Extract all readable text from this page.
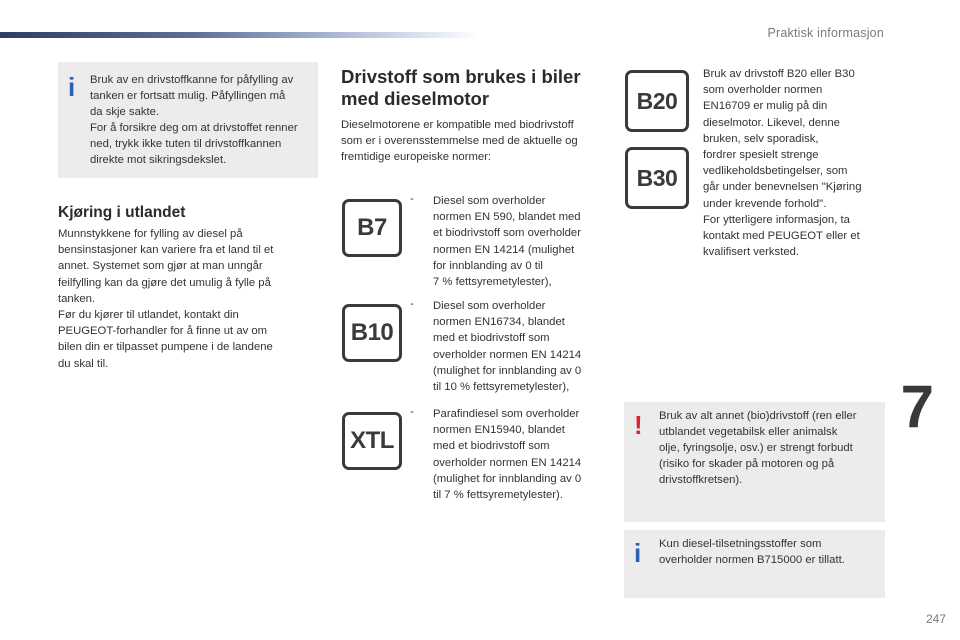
Praktisk informasjon
i Bruk av en drivstoffkanne for påfylling av
tanken er fortsatt mulig. Påfyllingen må
da skje sakte.
For å forsikre deg om at drivstoffet renner
ned, trykk ikke tuten til drivstoffkannen
direkte mot sikringsdekslet.
Kjøring i utlandet
Munnstykkene for fylling av diesel på
bensinstasjoner kan variere fra et land til et
annet. Systemet som gjør at man unngår
feilfylling kan da gjøre det umulig å fylle på
tanken.
Før du kjører til utlandet, kontakt din
PEUGEOT-forhandler for å finne ut av om
bilen din er tilpasset pumpene i de landene
du skal til.
Drivstoff som brukes i biler
med dieselmotor
Dieselmotorene er kompatible med biodrivstoff
som er i overensstemmelse med de aktuelle og
fremtidige europeiske normer:
B7
- Diesel som overholder
normen EN 590, blandet med
et biodrivstoff som overholder
normen EN 14214 (mulighet
for innblanding av 0 til
7 % fettsyremetylester),
B10
- Diesel som overholder
normen EN16734, blandet
med et biodrivstoff som
overholder normen EN 14214
(mulighet for innblanding av 0
til 10 % fettsyremetylester),
XTL
- Parafindiesel som overholder
normen EN15940, blandet
med et biodrivstoff som
overholder normen EN 14214
(mulighet for innblanding av 0
til 7 % fettsyremetylester).
B20
B30
Bruk av drivstoff B20 eller B30
som overholder normen
EN16709 er mulig på din
dieselmotor. Likevel, denne
bruken, selv sporadisk,
fordrer spesielt strenge
vedlikeholdsbetingelser, som
går under benevnelsen "Kjøring
under krevende forhold".
For ytterligere informasjon, ta
kontakt med PEUGEOT eller et
kvalifisert verksted.
! Bruk av alt annet (bio)drivstoff (ren eller
utblandet vegetabilsk eller animalsk
olje, fyringsolje, osv.) er strengt forbudt
(risiko for skader på motoren og på
drivstoffkretsen).
i Kun diesel-tilsetningsstoffer som
overholder normen B715000 er tillatt.
7
247
